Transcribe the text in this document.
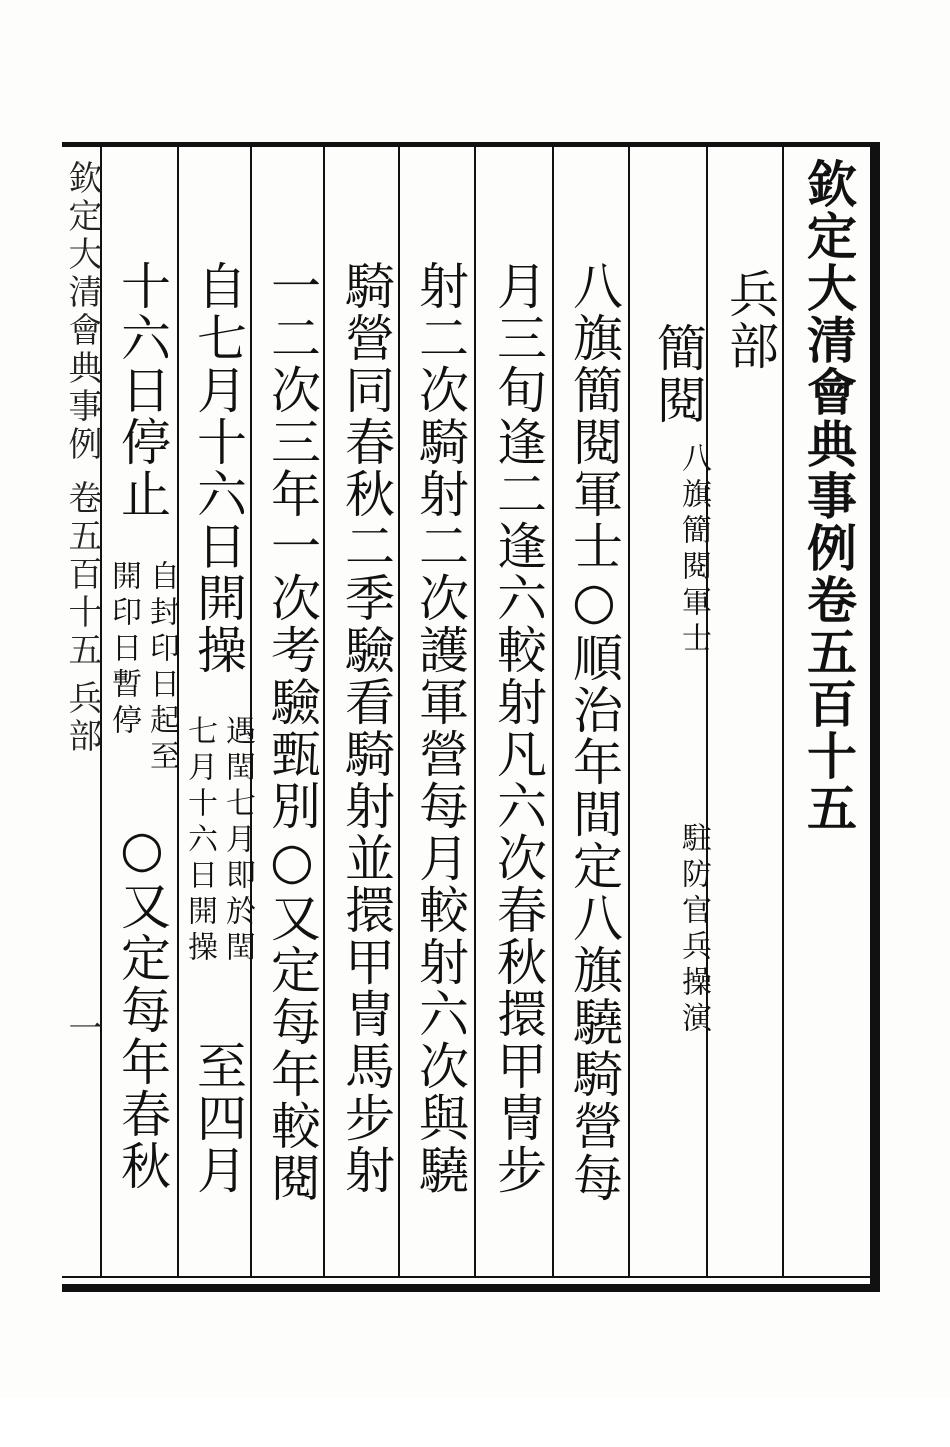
欽定大清會典事例卷五百十五
兵部
簡閱
八旗簡閱軍士
駐防官兵操演
八旗簡閱軍士○順治年間定八旗驍騎營每
月三旬逢二逢六較射凡六次春秋擐甲冑步
射二次騎射二次護軍營每月較射六次與驍
騎營同春秋二季驗看騎射並擐甲冑馬步射
一二次三年一次考驗甄別○又定每年較閱
自七月十六日開操
遇閏七月即於閏
七月十六日開操
至四月
十六日停止
自封印日起至
開印日暫停
○又定每年春秋
欽定大清會典事例
卷五百十五
兵部
一
